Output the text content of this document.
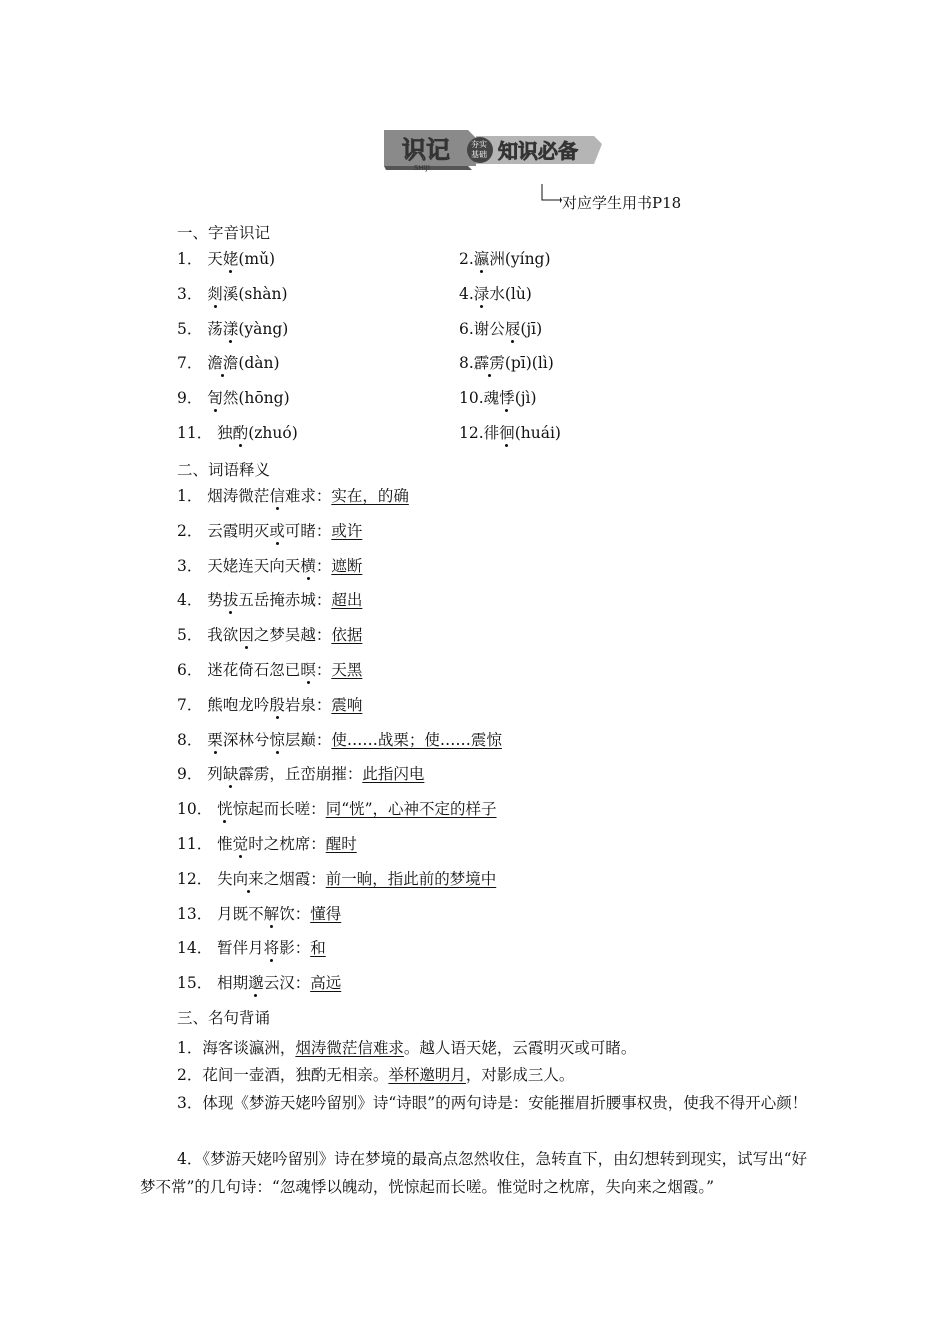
识记	夯实
基础 知识必备
SHIJI
对应学生用书P18
一、字音识记
1． 天姥(mǔ)	2.瀛洲(yíng)
3． 剡溪(shàn)	4.渌水(lù)
5． 荡漾(yàng)	6.谢公屐(jī)
7． 澹澹(dàn)	8.霹雳(pī)(lì)
9． 訇然(hōng)	10.魂悸(jì)
11． 独酌(zhuó)	12.徘徊(huái)
二、词语释义
1． 烟涛微茫信难求：实在，的确
2． 云霞明灭或可睹：或许
3． 天姥连天向天横：遮断
4． 势拔五岳掩赤城：超出
5． 我欲因之梦吴越：依据
6． 迷花倚石忽已暝：天黑
7． 熊咆龙吟殷岩泉：震响
8． 栗深林兮惊层巅：使……战栗；使……震惊
9． 列缺霹雳，丘峦崩摧：此指闪电
10． 恍惊起而长嗟：同“恍”，心神不定的样子
11． 惟觉时之枕席：醒时
12． 失向来之烟霞：前一晌，指此前的梦境中
13． 月既不解饮：懂得
14． 暂伴月将影：和
15． 相期邈云汉：高远
三、名句背诵
1．海客谈瀛洲，烟涛微茫信难求。越人语天姥，云霞明灭或可睹。
2．花间一壶酒，独酌无相亲。举杯邀明月，对影成三人。
3．体现《梦游天姥吟留别》诗“诗眼”的两句诗是：安能摧眉折腰事权贵，使我不得开心颜！
4．《梦游天姥吟留别》诗在梦境的最高点忽然收住，急转直下，由幻想转到现实，试写出“好梦不常”的几句诗：“忽魂悸以魄动，恍惊起而长嗟。惟觉时之枕席，失向来之烟霞。”
